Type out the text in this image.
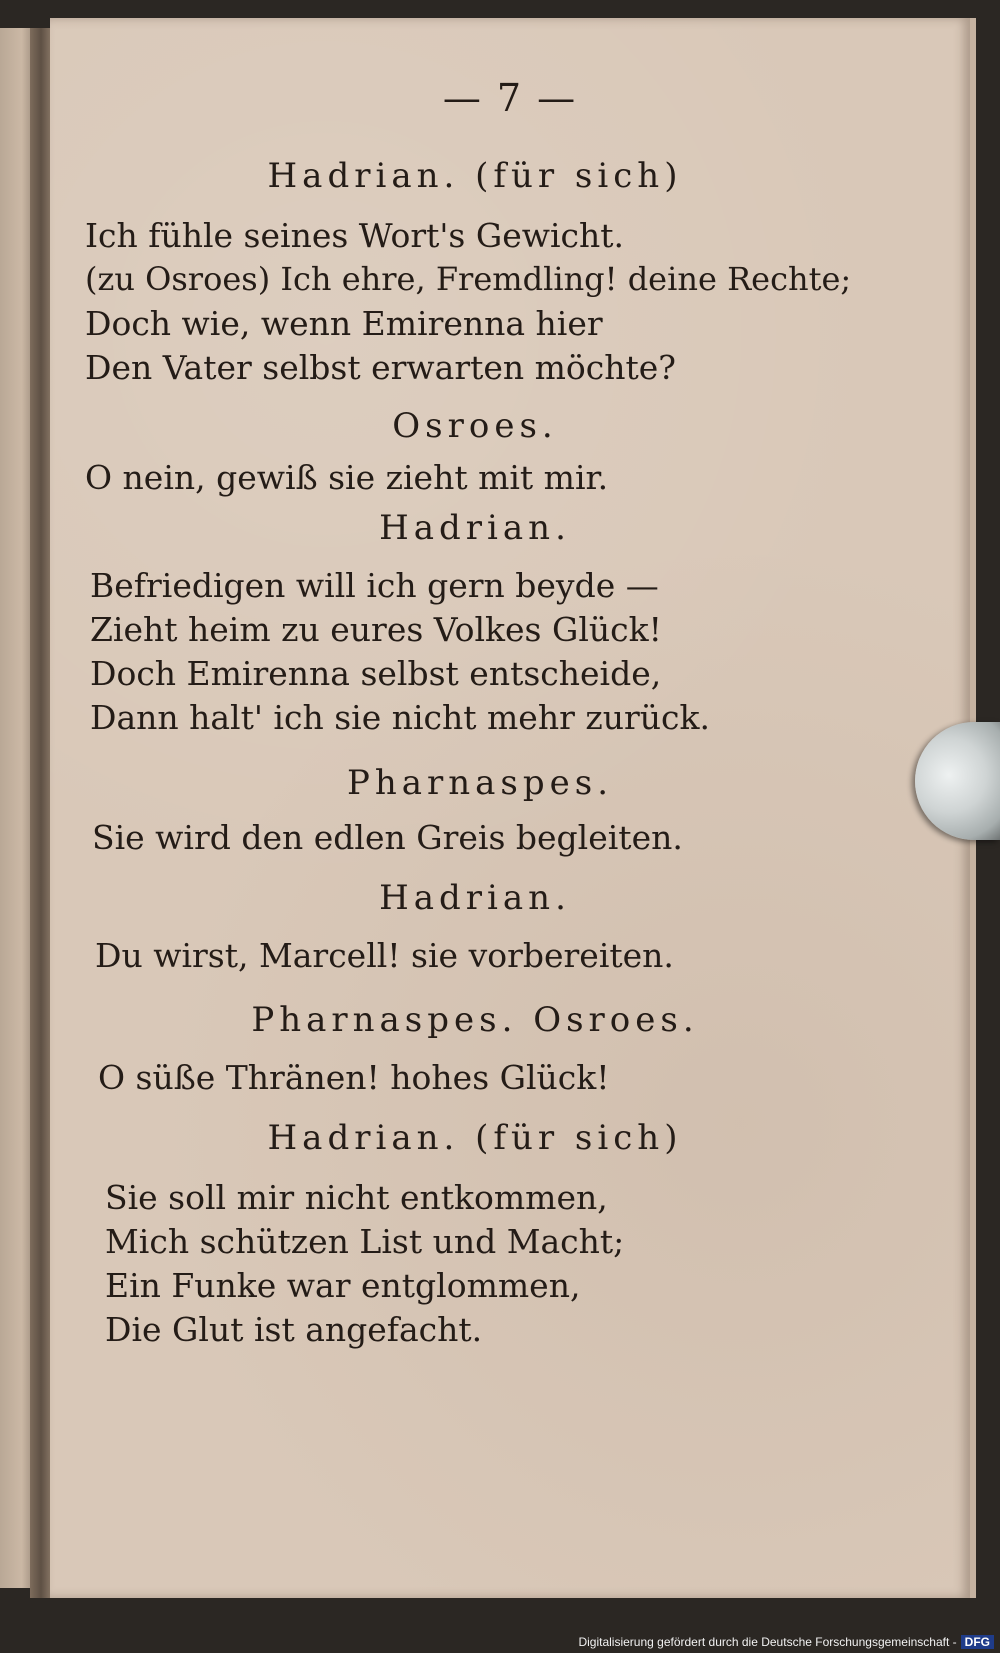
— 7 —
Hadrian. (für sich)
Ich fühle seines Wort's Gewicht.
(zu Osroes) Ich ehre, Fremdling! deine Rechte;
Doch wie, wenn Emirenna hier
Den Vater selbst erwarten möchte?
Osroes.
O nein, gewiß sie zieht mit mir.
Hadrian.
Befriedigen will ich gern beyde —
Zieht heim zu eures Volkes Glück!
Doch Emirenna selbst entscheide,
Dann halt' ich sie nicht mehr zurück.
Pharnaspes.
Sie wird den edlen Greis begleiten.
Hadrian.
Du wirst, Marcell! sie vorbereiten.
Pharnaspes. Osroes.
O süße Thränen! hohes Glück!
Hadrian. (für sich)
Sie soll mir nicht entkommen,
Mich schützen List und Macht;
Ein Funke war entglommen,
Die Glut ist angefacht.
Digitalisierung gefördert durch die Deutsche Forschungsgemeinschaft - DFG
